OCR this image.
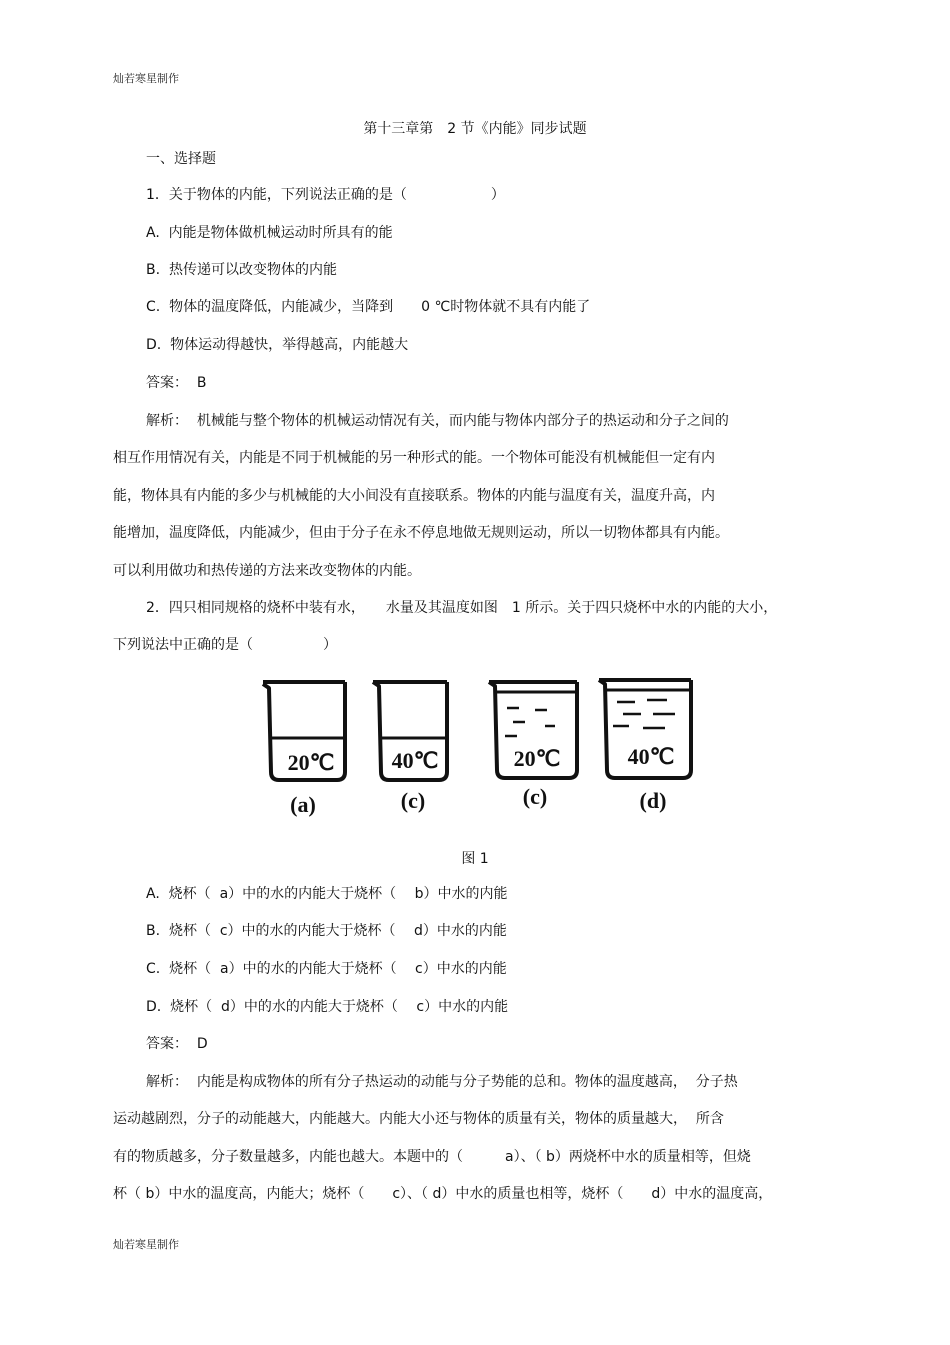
灿若寒星制作
第十三章第　2 节《内能》同步试题
一、选择题
1．关于物体的内能，下列说法正确的是（　　　　　　）
A.  内能是物体做机械运动时所具有的能
B.  热传递可以改变物体的内能
C.  物体的温度降低，内能减少，当降到　　0 ℃时物体就不具有内能了
D.  物体运动得越快，举得越高，内能越大
答案：  B
解析：  机械能与整个物体的机械运动情况有关，而内能与物体内部分子的热运动和分子之间的
相互作用情况有关，内能是不同于机械能的另一种形式的能。一个物体可能没有机械能但一定有内
能，物体具有内能的多少与机械能的大小间没有直接联系。物体的内能与温度有关，温度升高，内
能增加，温度降低，内能减少，但由于分子在永不停息地做无规则运动，所以一切物体都具有内能。
可以利用做功和热传递的方法来改变物体的内能。
2．四只相同规格的烧杯中装有水，　　水量及其温度如图　1 所示。关于四只烧杯中水的内能的大小，
下列说法中正确的是（　　　　　）
20℃	40℃	20℃	40℃
(a)	(c)	(c)	(d)
图 1
A.  烧杯（  a）中的水的内能大于烧杯（　 b）中水的内能
B.  烧杯（  c）中的水的内能大于烧杯（　 d）中水的内能
C.  烧杯（  a）中的水的内能大于烧杯（　 c）中水的内能
D.  烧杯（  d）中的水的内能大于烧杯（　 c）中水的内能
答案：  D
解析：  内能是构成物体的所有分子热运动的动能与分子势能的总和。物体的温度越高，  分子热
运动越剧烈，分子的动能越大，内能越大。内能大小还与物体的质量有关，物体的质量越大，  所含
有的物质越多，分子数量越多，内能也越大。本题中的（　　　a）、（ b）两烧杯中水的质量相等，但烧
杯（ b）中水的温度高，内能大；烧杯（　　c）、（ d）中水的质量也相等，烧杯（　　d）中水的温度高，
灿若寒星制作
